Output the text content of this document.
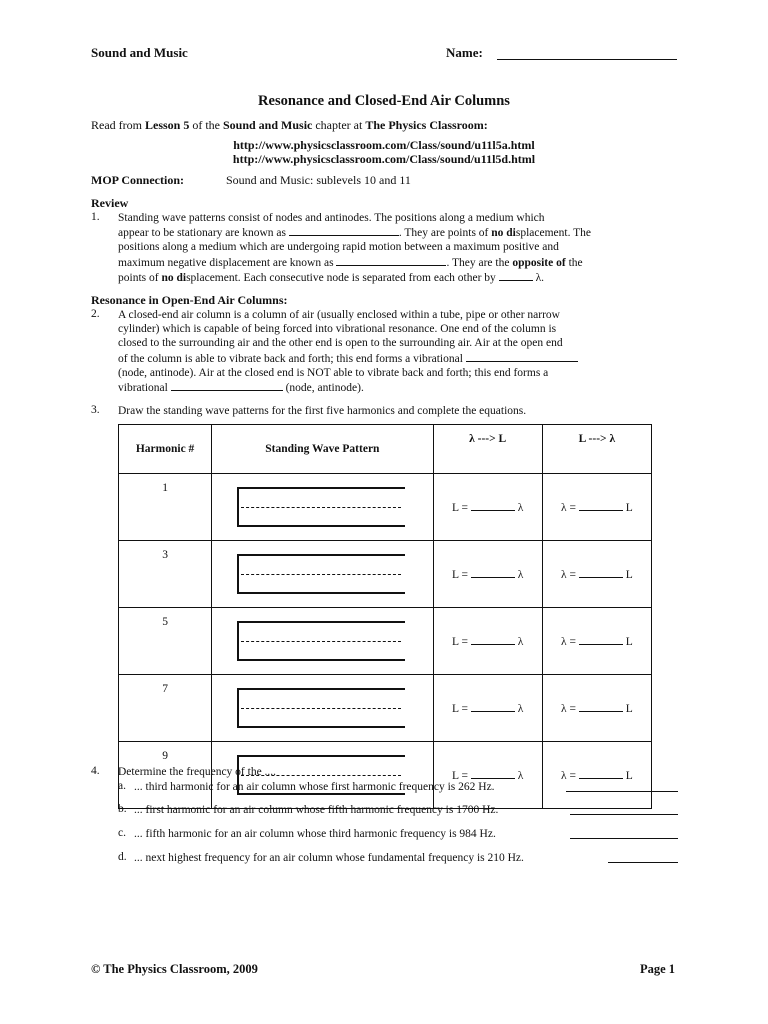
Sound and Music	Name:
Resonance and Closed-End Air Columns
Read from Lesson 5 of the Sound and Music chapter at The Physics Classroom:
http://www.physicsclassroom.com/Class/sound/u11l5a.html
http://www.physicsclassroom.com/Class/sound/u11l5d.html
MOP Connection:	Sound and Music: sublevels 10 and 11
Review
1. Standing wave patterns consist of nodes and antinodes. The positions along a medium which
appear to be stationary are known as	. They are points of no displacement. The
positions along a medium which are undergoing rapid motion between a maximum positive and
maximum negative displacement are known as	. They are the opposite of the
points of no displacement. Each consecutive node is separated from each other by	λ.
Resonance in Open-End Air Columns:
2. A closed-end air column is a column of air (usually enclosed within a tube, pipe or other narrow
cylinder) which is capable of being forced into vibrational resonance. One end of the column is
closed to the surrounding air and the other end is open to the surrounding air. Air at the open end
of the column is able to vibrate back and forth; this end forms a vibrational
(node, antinode). Air at the closed end is NOT able to vibrate back and forth; this end forms a
vibrational	(node, antinode).
3. Draw the standing wave patterns for the first five harmonics and complete the equations.
Harmonic #	Standing Wave Pattern	λ ---> L	L ---> λ
1		L = λ	λ = L
3		L = λ	λ = L
5		L = λ	λ = L
7		L = λ	λ = L
9		L = λ	λ = L
4. Determine the frequency of the ....
a. ... third harmonic for an air column whose first harmonic frequency is 262 Hz.
b. ... first harmonic for an air column whose fifth harmonic frequency is 1700 Hz.
c. ... fifth harmonic for an air column whose third harmonic frequency is 984 Hz.
d. ... next highest frequency for an air column whose fundamental frequency is 210 Hz.
© The Physics Classroom, 2009	Page 1
